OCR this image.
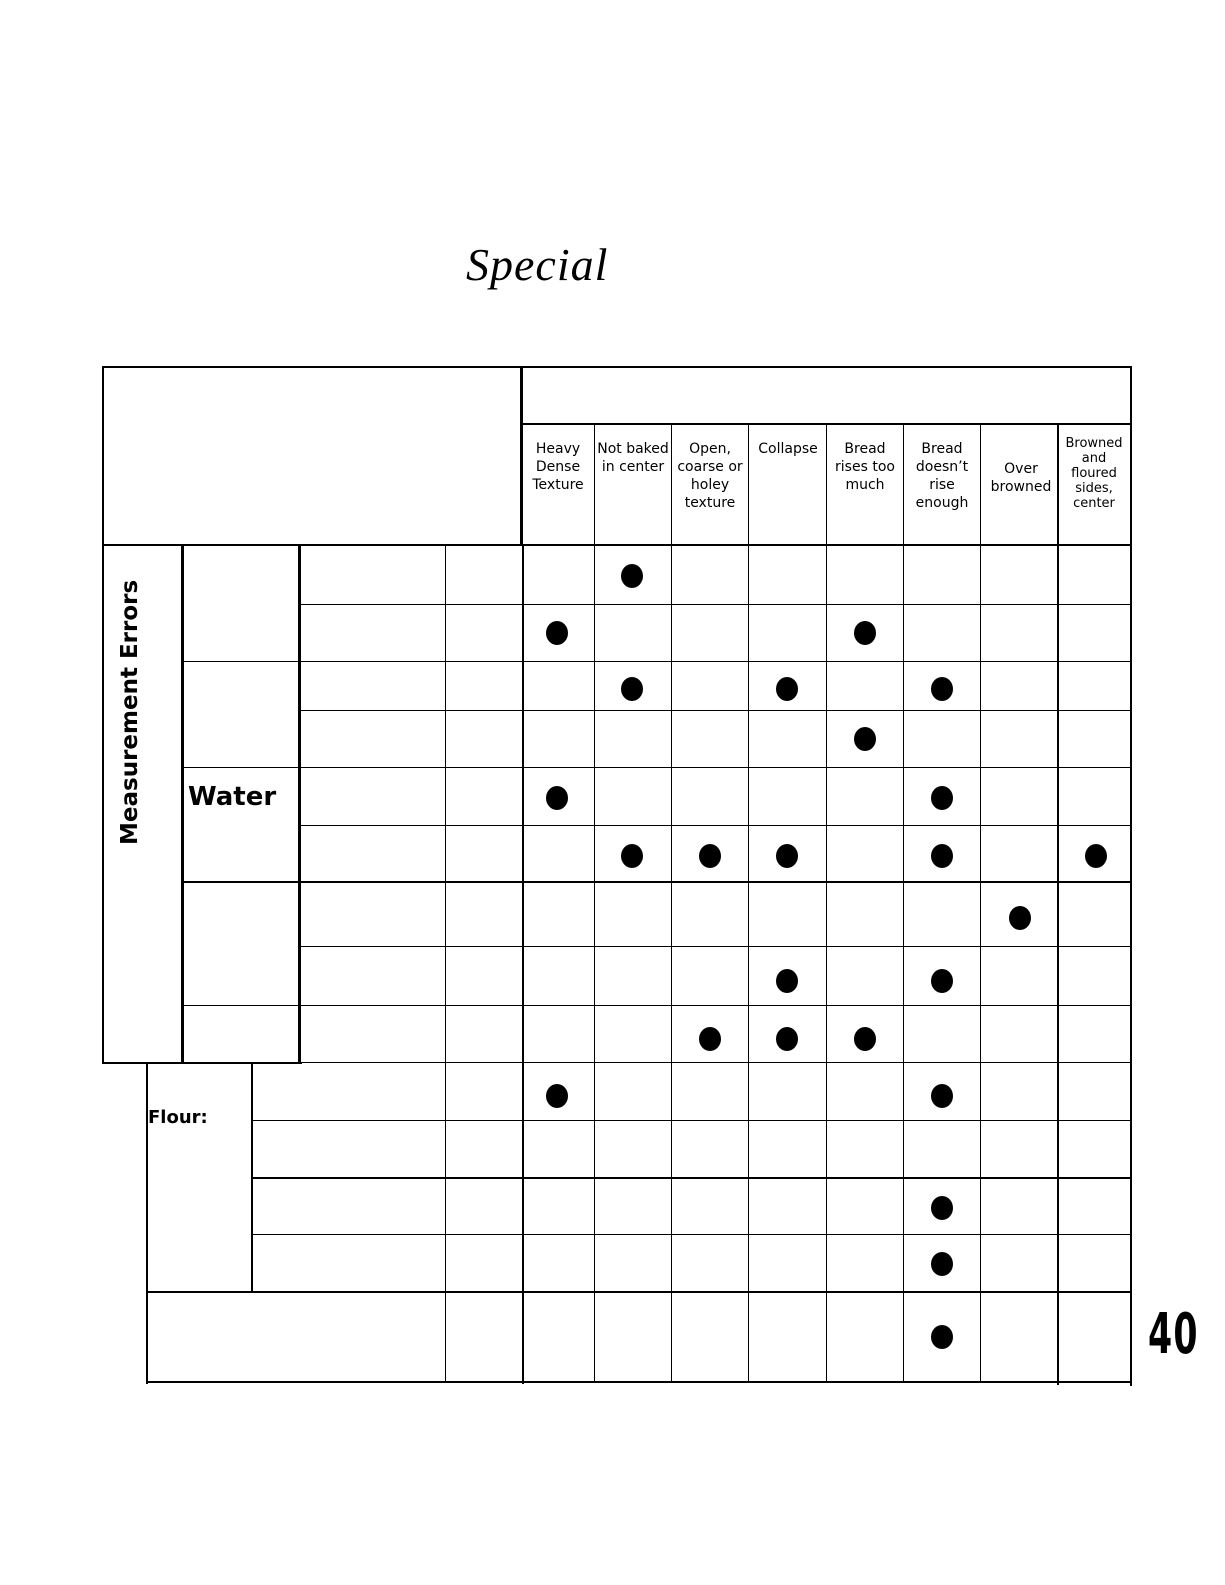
Special
Heavy Dense Texture
Not baked in center
Open, coarse or holey texture
Collapse	Bread rises too much
Bread doesn’t rise enough
Over browned
Browned and floured sides, center
Measurement Errors Water
Flour:
40
